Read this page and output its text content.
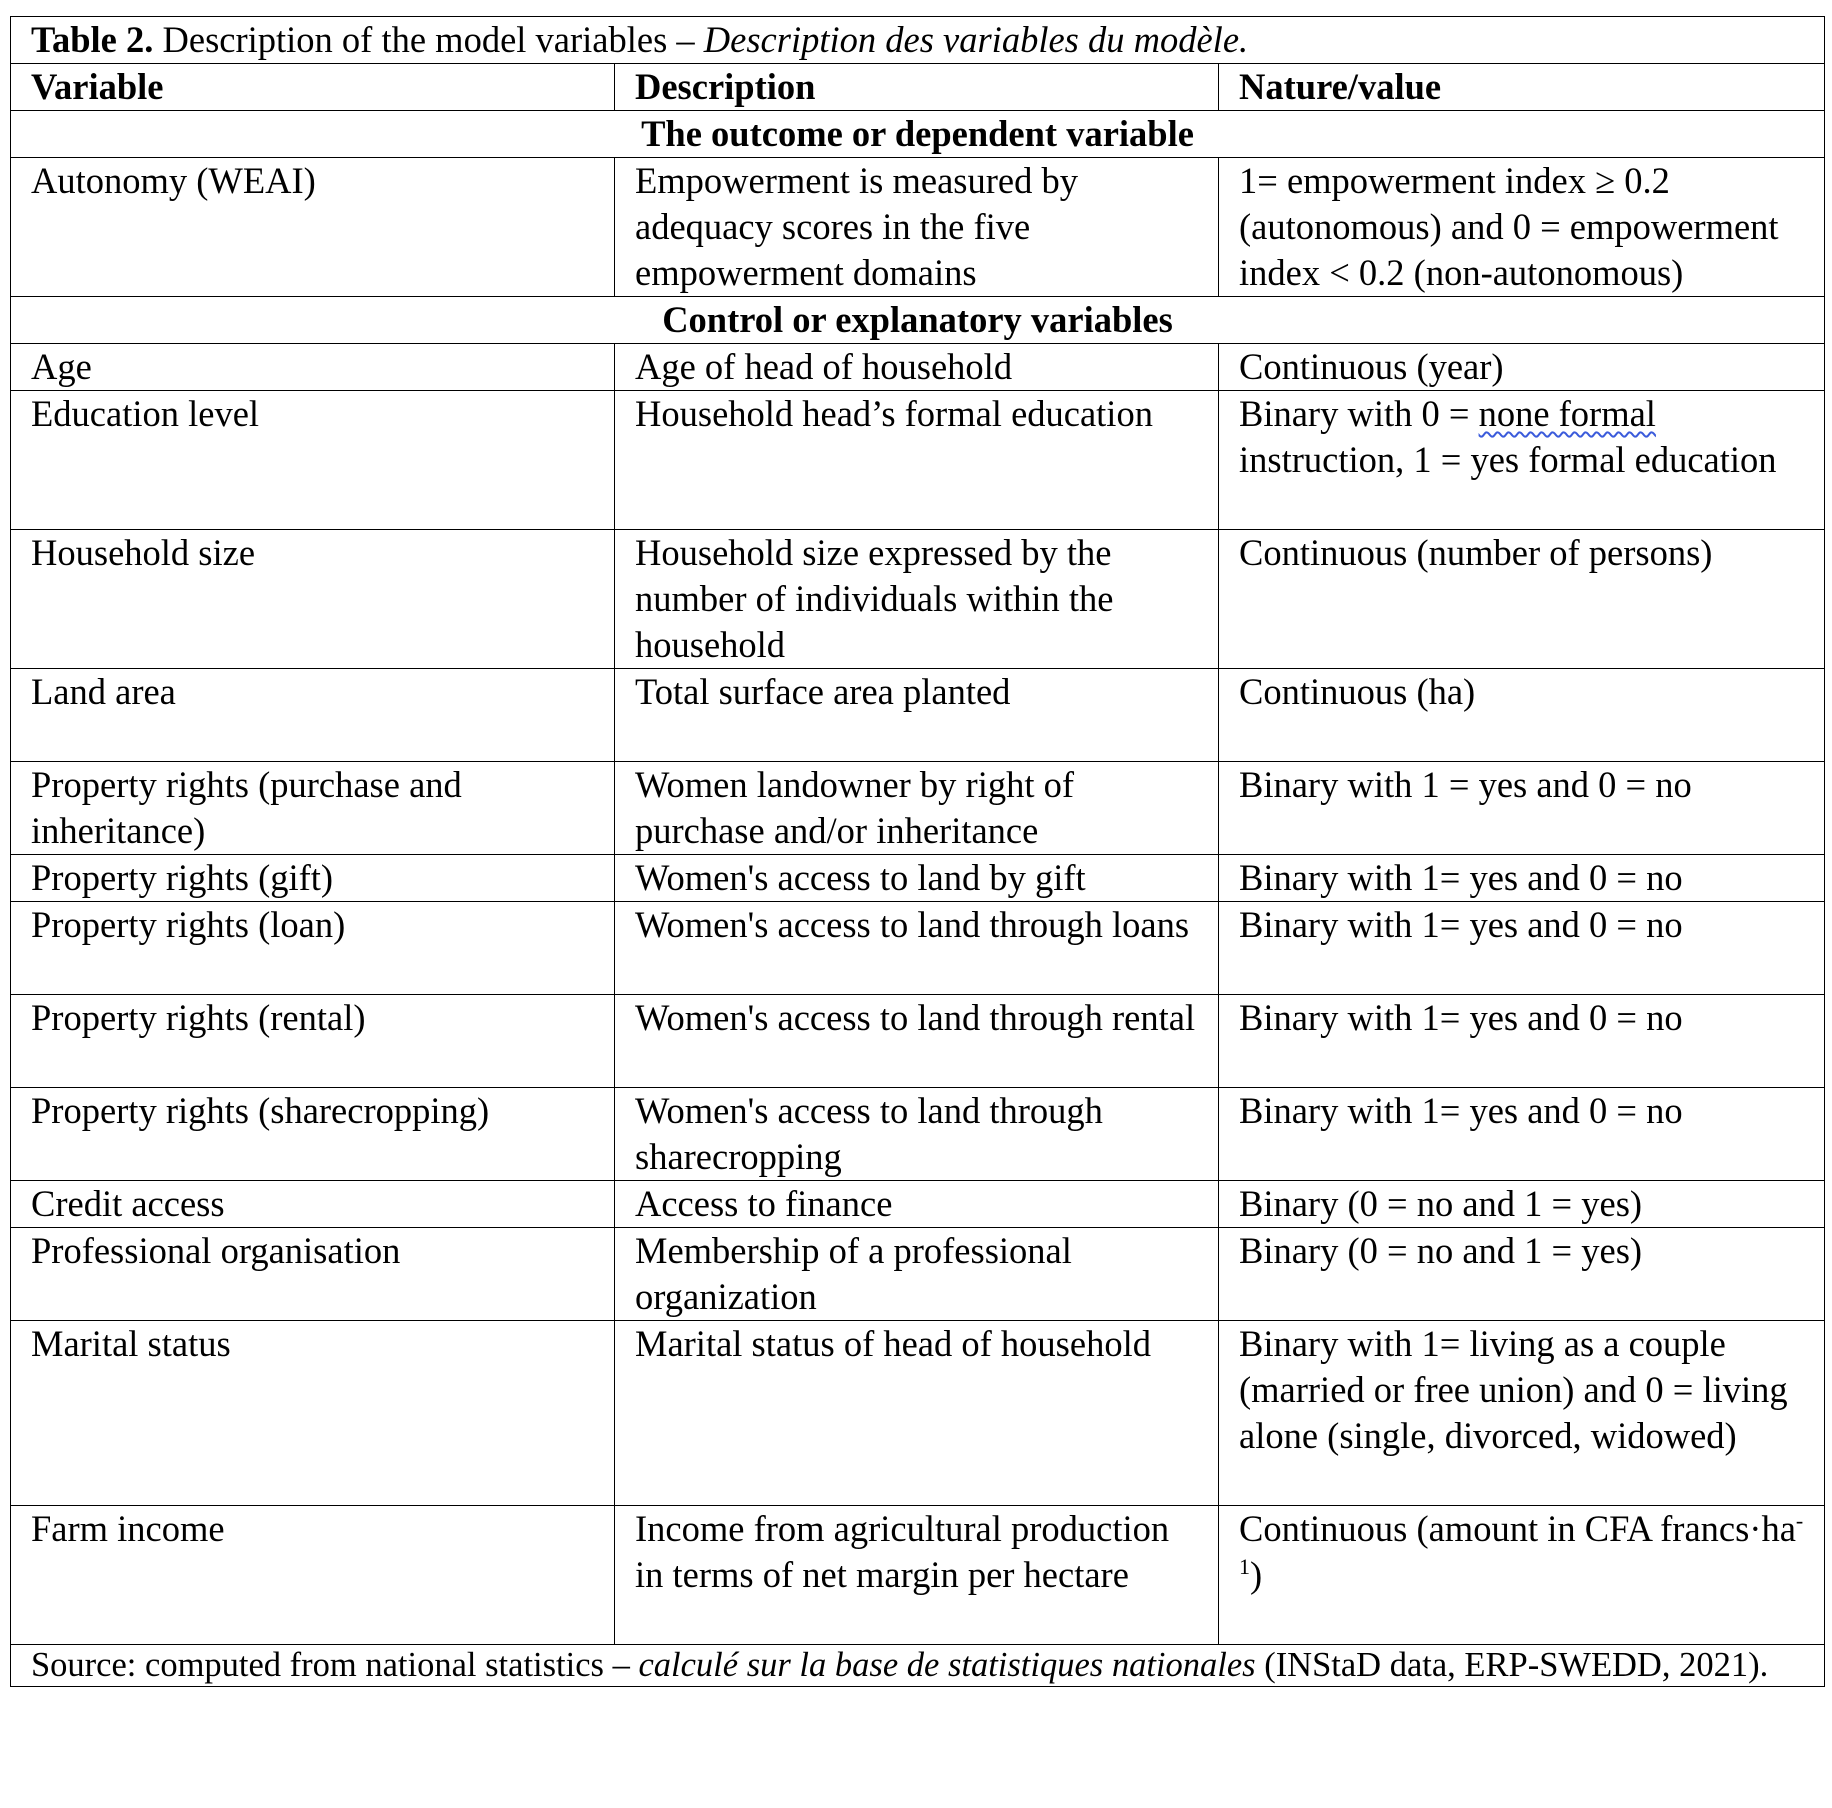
Table 2. Description of the model variables – Description des variables du modèle.		
Variable	Description	Nature/value
The outcome or dependent variable		
Autonomy (WEAI)	Empowerment is measured by adequacy scores in the five empowerment domains	1= empowerment index ≥ 0.2 (autonomous) and 0 = empowerment index < 0.2 (non-autonomous)
Control or explanatory variables		
Age	Age of head of household	Continuous (year)
Education level	Household head’s formal education	Binary with 0 = none formal instruction, 1 = yes formal education
Household size	Household size expressed by the number of individuals within the household	Continuous (number of persons)
Land area	Total surface area planted	Continuous (ha)
Property rights (purchase and inheritance)	Women landowner by right of purchase and/or inheritance	Binary with 1 = yes and 0 = no
Property rights (gift)	Women's access to land by gift	Binary with 1= yes and 0 = no
Property rights (loan)	Women's access to land through loans	Binary with 1= yes and 0 = no
Property rights (rental)	Women's access to land through rental	Binary with 1= yes and 0 = no
Property rights (sharecropping)	Women's access to land through sharecropping	Binary with 1= yes and 0 = no
Credit access	Access to finance	Binary (0 = no and 1 = yes)
Professional organisation	Membership of a professional organization	Binary (0 = no and 1 = yes)
Marital status	Marital status of head of household	Binary with 1= living as a couple (married or free union) and 0 = living alone (single, divorced, widowed)
Farm income	Income from agricultural production in terms of net margin per hectare	Continuous (amount in CFA $francs\cdot ha^{-1}$)
Source: computed from national statistics – calculé sur la base de statistiques nationales (INStaD data, ERP-SWEDD, 2021).		
